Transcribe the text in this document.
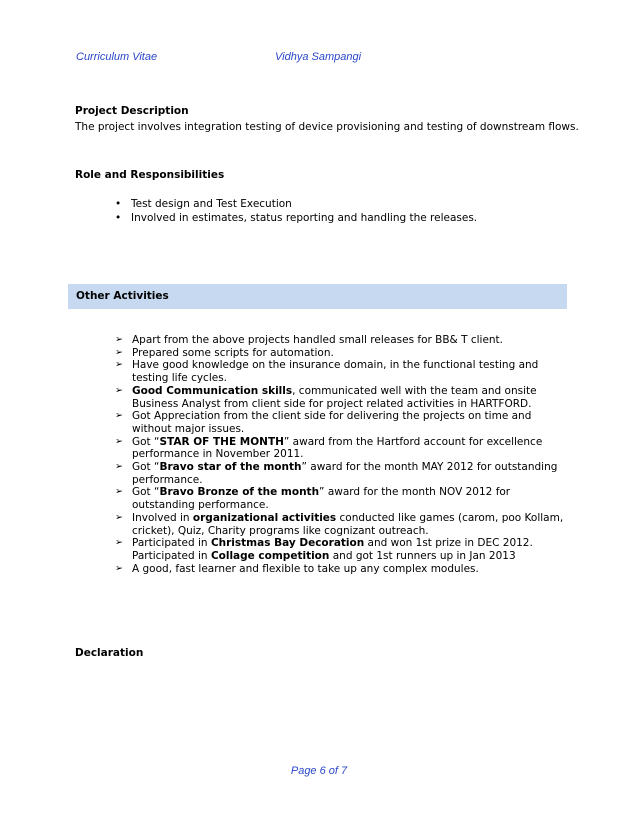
Curriculum Vitae	Vidhya Sampangi
Project Description
The project involves integration testing of device provisioning and testing of downstream flows.
Role and Responsibilities
• Test design and Test Execution
• Involved in estimates, status reporting and handling the releases.
Other Activities
➢ Apart from the above projects handled small releases for BB& T client.
➢ Prepared some scripts for automation.
➢ Have good knowledge on the insurance domain, in the functional testing and testing life cycles.
➢ Good Communication skills, communicated well with the team and onsite Business Analyst from client side for project related activities in HARTFORD.
➢ Got Appreciation from the client side for delivering the projects on time and without major issues.
➢ Got “STAR OF THE MONTH” award from the Hartford account for excellence performance in November 2011.
➢ Got “Bravo star of the month” award for the month MAY 2012 for outstanding performance.
➢ Got “Bravo Bronze of the month” award for the month NOV 2012 for outstanding performance.
➢ Involved in organizational activities conducted like games (carom, poo Kollam, cricket), Quiz, Charity programs like cognizant outreach.
➢ Participated in Christmas Bay Decoration and won 1st prize in DEC 2012. Participated in Collage competition and got 1st runners up in Jan 2013
➢ A good, fast learner and flexible to take up any complex modules.
Declaration
Page 6 of 7
